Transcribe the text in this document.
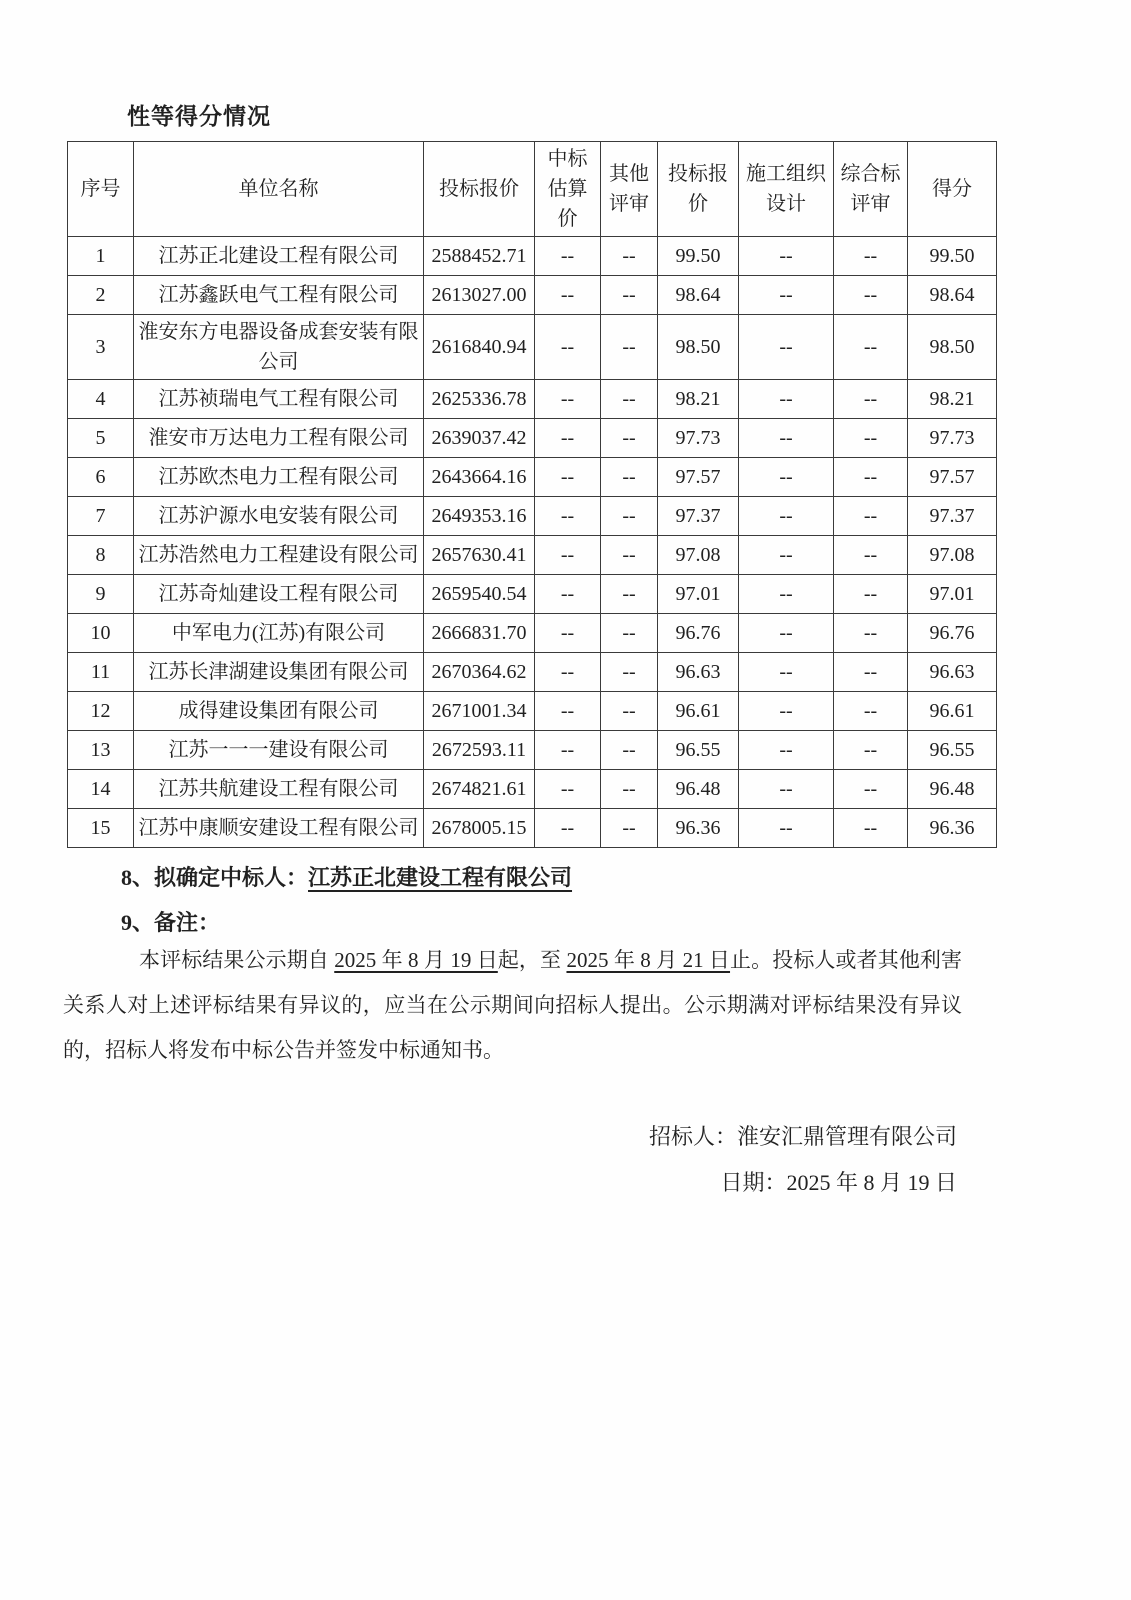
性等得分情况
序号	单位名称	投标报价	中标估算价	其他评审	投标报价	施工组织设计	综合标评审	得分
1	江苏正北建设工程有限公司	2588452.71	--	--	99.50	--	--	99.50
2	江苏鑫跃电气工程有限公司	2613027.00	--	--	98.64	--	--	98.64
3	淮安东方电器设备成套安装有限公司	2616840.94	--	--	98.50	--	--	98.50
4	江苏祯瑞电气工程有限公司	2625336.78	--	--	98.21	--	--	98.21
5	淮安市万达电力工程有限公司	2639037.42	--	--	97.73	--	--	97.73
6	江苏欧杰电力工程有限公司	2643664.16	--	--	97.57	--	--	97.57
7	江苏沪源水电安装有限公司	2649353.16	--	--	97.37	--	--	97.37
8	江苏浩然电力工程建设有限公司	2657630.41	--	--	97.08	--	--	97.08
9	江苏奇灿建设工程有限公司	2659540.54	--	--	97.01	--	--	97.01
10	中军电力(江苏)有限公司	2666831.70	--	--	96.76	--	--	96.76
11	江苏长津湖建设集团有限公司	2670364.62	--	--	96.63	--	--	96.63
12	成得建设集团有限公司	2671001.34	--	--	96.61	--	--	96.61
13	江苏一一一建设有限公司	2672593.11	--	--	96.55	--	--	96.55
14	江苏共航建设工程有限公司	2674821.61	--	--	96.48	--	--	96.48
15	江苏中康顺安建设工程有限公司	2678005.15	--	--	96.36	--	--	96.36

8、拟确定中标人：江苏正北建设工程有限公司

9、备注：

本评标结果公示期自 2025 年 8 月 19 日起，至 2025 年 8 月 21 日止。投标人或者其他利害关系人对上述评标结果有异议的，应当在公示期间向招标人提出。公示期满对评标结果没有异议的，招标人将发布中标公告并签发中标通知书。

招标人：淮安汇鼎管理有限公司

日期：2025 年 8 月 19 日
